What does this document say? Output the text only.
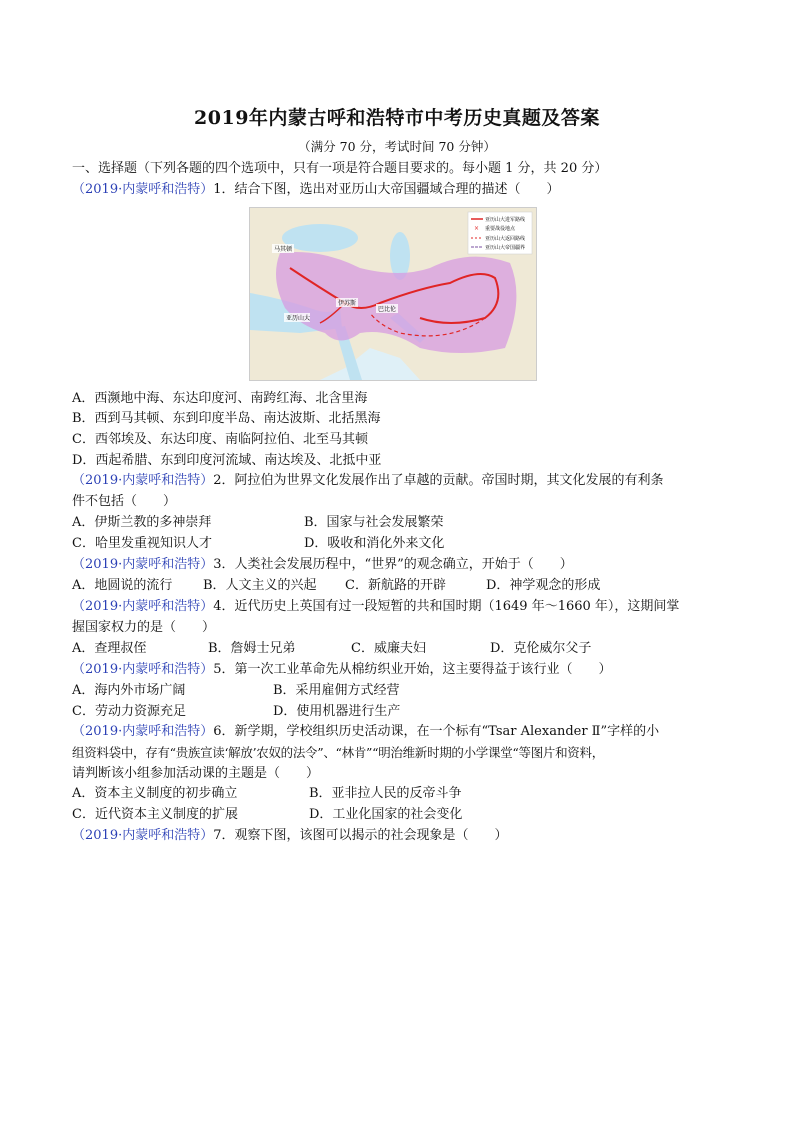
2019年内蒙古呼和浩特市中考历史真题及答案
（满分 70 分，考试时间 70 分钟）
一、选择题（下列各题的四个选项中，只有一项是符合题目要求的。每小题 1 分，共 20 分）
（2019·内蒙呼和浩特）1．结合下图，选出对亚历山大帝国疆域合理的描述（　　）
亚历山大进军路线
× 重要战役地点
亚历山大返回路线
亚历山大帝国疆界
马其顿
伊苏斯
巴比伦
亚历山大
A．西濒地中海、东达印度河、南跨红海、北含里海
B．西到马其顿、东到印度半岛、南达波斯、北括黑海
C．西邻埃及、东达印度、南临阿拉伯、北至马其顿
D．西起希腊、东到印度河流域、南达埃及、北抵中亚
（2019·内蒙呼和浩特）2．阿拉伯为世界文化发展作出了卓越的贡献。帝国时期，其文化发展的有利条
件不包括（　　）
A．伊斯兰教的多神崇拜	B．国家与社会发展繁荣
C．哈里发重视知识人才	D．吸收和消化外来文化
（2019·内蒙呼和浩特）3．人类社会发展历程中，“世界”的观念确立，开始于（　　）
A．地圆说的流行 B．人文主义的兴起 C．新航路的开辟	D．神学观念的形成
（2019·内蒙呼和浩特）4．近代历史上英国有过一段短暂的共和国时期（1649 年～1660 年），这期间掌
握国家权力的是（　　）
A．查理叔侄	B．詹姆士兄弟	C．威廉夫妇	D．克伦威尔父子
（2019·内蒙呼和浩特）5．第一次工业革命先从棉纺织业开始，这主要得益于该行业（　　）
A．海内外市场广阔	B．采用雇佣方式经营
C．劳动力资源充足	D．使用机器进行生产
（2019·内蒙呼和浩特）6．新学期，学校组织历史活动课，在一个标有“Tsar Alexander Ⅱ”字样的小
组资料袋中，存有“贵族宣读‘解放’农奴的法令”、“林肯”“明治维新时期的小学课堂“等图片和资料，
请判断该小组参加活动课的主题是（　　）
A．资本主义制度的初步确立	B．亚非拉人民的反帝斗争
C．近代资本主义制度的扩展	D．工业化国家的社会变化
（2019·内蒙呼和浩特）7．观察下图，该图可以揭示的社会现象是（　　）
